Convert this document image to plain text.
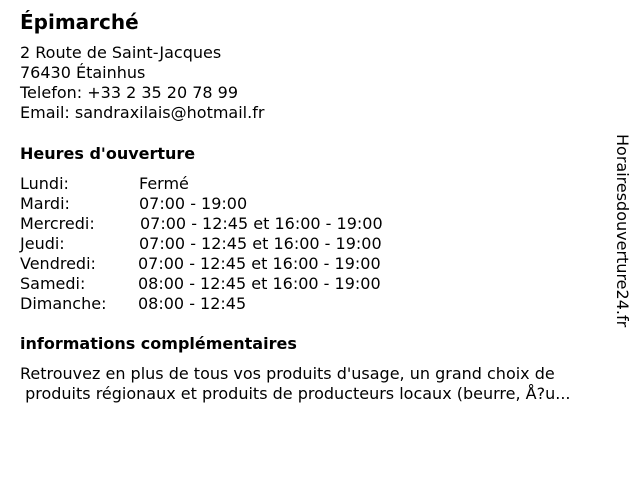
Épimarché
2 Route de Saint-Jacques
76430 Étainhus
Telefon: +33 2 35 20 78 99
Email: sandraxilais@hotmail.fr
Heures d'ouverture
Lundi:	Fermé
Mardi:	07:00 - 19:00
Mercredi:	07:00 - 12:45 et 16:00 - 19:00
Jeudi:	07:00 - 12:45 et 16:00 - 19:00
Vendredi:	07:00 - 12:45 et 16:00 - 19:00
Samedi:	08:00 - 12:45 et 16:00 - 19:00
Dimanche: 08:00 - 12:45
informations complémentaires
Retrouvez en plus de tous vos produits d'usage, un grand choix de
produits régionaux et produits de producteurs locaux (beurre, Å?u...
Horairesdouverture24.fr
